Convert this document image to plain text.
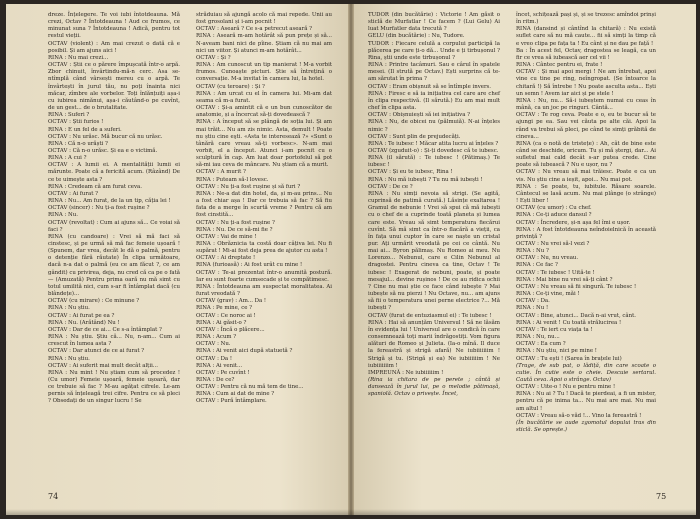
dreze. Înțelegere. Te voi iubi întotdeauna. Mă crezi, Octav ? Întotdeauna ! Aud ce frumos, ce minunat suna ? Întotdeauna ! Adică, pentru tot restul vieții.

OCTAV (violent) : Am mai crezut o dată că e posibil. Și am ajuns aici !

RINA : Nu mai crezi...

OCTAV : Știi ce o părere împușcată într-o arpă. Zbor chinuit, învârtindu-mă-n cerc. Asa se-ntîmplă când vârsești mereu cu o arpă. Te învârtești în jurul tău, nu poți înainta nici măcar, zîmbre ale vorbelor. Toți înlănțuiți așa-i cu iubirea nimănui, așa-i căutând-o pe cuvînt, de un gest... de o brutalitate.

RINA : Suferi ?

OCTAV : Știi furios !

RINA : E un fel de a suferi.

OCTAV : Nu urăsc. Mă bucur că nu urăsc.

RINA : Că n-o urăști ?

OCTAV : Că n-o urăsc. Și ea e o victimă.

RINA : A cui ?

OCTAV : A lumii ei. A mentalității lumii ei mărunte. Poate că a fericită acum. (Râzând) De ce te uimește asta ?

RINA : Credeam că am furat ceva.

OCTAV : Ai furat ?

RINA : Nu... Am furat, de la un tip, căția lei !

OCTAV (sincer) : Nu ți-a fost rușine ?

RINA : Nu.

OCTAV (revoltat) : Cum ai ajuns să... Ce voiai să faci ?

RINA (cu candoare) : Vrei să mă faci să cinstesc, și pe urmă să mă fac femeie ușoară ! (Spunem, dar vrea, decăt le dă o palmă, pentru o detenție fără răutate) În clipa următoare, dacă n-a dat o palmă (eu ce am făcut ?, ce am gândit) cu privirea, deja, nu cred că ca pe o fată — (Amuzată) Pentru prima oară nu mă simt cu totul umilită nici, cum s-ar fi întâmplat dacă (cu blândețe)...

OCTAV (cu mirare) : Ce minune ?

RINA : Nu știu.

OCTAV : Ai furat pe ea ?

RINA : Nu. (Arătând) Nu !

OCTAV : Dar de ce ai... Ce s-a întâmplat ?

RINA : Nu știu. Știu că... Nu, n-am... Cum ai crescut în lumea asta ?

OCTAV : Dar atunci de ce ai furat ?

RINA : Nu știu.

OCTAV : Ai suferit mai mult decât alții...

RINA : Nu mint ! Nu știam cum să procedez ! (Cu umor) Femeie ușoară, femeie ușoară, dar ce trebuie să fac ? M-au agățat cifrele. Le-am pernis să înțeleagă trei cifre. Pentru ce să pleci ? Obsedați de un singur lucru ! Se

străduiau să ajungă acolo că mai repede. Unii au fost grosolani și i-am pocnit !

OCTAV : Aseară ? Ce s-a petrecut aseară ?

RINA : Aseară m-am hotărât să pun prețe și să... N-aveam bani nici de pîine. Știam că nu mai am nici un viitor. Și atunci m-am hotărât...

OCTAV : Și ?

RINA : Am cunoscut un tip manierat ! M-a vorbit frumos. Cunoaște picturi. Știe să întrețină o conversație. M-a invitat în camera lui, la hotel.

OCTAV (cu teroare) : Și ?

RINA : Am urcat cu el în camera lui. Mi-am dat seama că m-a furat.

OCTAV : Și-a amintit că e un bun cunoscător de anatomie, și a încercat să-ți dovedească ?

RINA : A început să se plângă de soția lui. Și am mai trăit... Nu am zis nimic. Asta, demult ! Poate nu știu cine eşti. «Asta te interesează ?» «Sunt o tânără care vreau să-ți vorbesc». N-am mai vorbit, el a început. Atunci i-am pocnit cu o sculptură în cap. Am luat doar portofelul să pot să-mi iau ceva de mâncare. Nu știam că a murit.

OCTAV : A murit ?

RINA : Puteam să-l lovesc.

OCTAV : Nu ți-a fost rușine și să furi ?

RINA : Ne-a dat din hotel, da, și m-au prins... Nu a fost chiar așa ! Dar ce trebuia să fac ? Să fiu fata de a merge în scurtă vreme ? Pentru că am fost cinstită...

OCTAV : Nu ți-a fost rușine ?

RINA : Nu. De ce să-mi fie ?

OCTAV : Vai de mine !

RINA : Obrăznicia ta costă doar câțiva lei. Nu fi supărat ! Mi-ai fost deja prea de ajutor cu asta !

OCTAV : Ai dreptate !

RINA (furioasă) : Ai fost urât cu mine !

OCTAV : Te-ai prezentat într-o anumită postură. Iar eu sunt foarte cumsecade și te compătimesc.

RINA : Întotdeauna am suspectat moralitatea. Ai furat vreodată ?

OCTAV (grav) : Am... Da !

RINA : Pe mine, ce ?

OCTAV : Ce noroc ai !

RINA : Ai găsit-o ?

OCTAV : Încă o plăcere...

RINA : Acum ?

OCTAV : Nu.

RINA : Ai venit aici după statuetă ?

OCTAV : Da !

RINA : Ai venit...

OCTAV : Pe cuvînt !

RINA : De ce?

OCTAV : Pentru că nu mă tem de tine...

RINA : Cum ai dat de mine ?

OCTAV : Pură întâmplare.

74

TUDOR (din bucătărie) : Victorie ! Am găsit o sticlă de Murfatlar ! Ce facem ? (Lui Gelu) Ai luat Murfatler data trecută ?

GELU (din bucătărie) : Nu, Tudore.

TUDOR : Fiecare celulă a corpului participă la plăcerea pe care ți-o dă... Unde e ți tirbușonul ? Rina, știi unde este tirbușonul ?

RINA : Printre tacâmuri. Sau e cârul în spatele mesei. (Il strută pe Octav.) Ești surprins că te-am sărutat în prima ?

OCTAV : Eram obișnuit să se întîmple invers.

RINA : Firesc e să ia inițiativa cel care are chef în clipa respectivă. (Il sărută.) Eu am mai mult chef în clipa asta.

OCTAV : Obișnuiești să iei inițiativa ?

RINA : Nu, de obicei nu (pălmuiă). N-ai înțeles nimic ?

OCTAV : Sunt plin de prejudecăți.

RINA : Te iubesc ! Măcar atita lucru ai înțeles ?

OCTAV (zguduit-o) : Și-ți dovedesc că te iubesc.

RINA (il sărută) : Te iubesc ! (Pătimaș.) Te iubesc !

OCTAV : Și eu te iubesc, Rina !

RINA : Nu mă iubești ? Tu nu mă iubești !

OCTAV : De ce ?

RINA : Nu simți nevoia să strigi. (Se agită, cuprinsă de patimă curată.) Lăsințe exaltarea ! Gramul de nebunie ! Vrei să spui că mă iubești cu o chef de a cuprinde toată planeta și lumea care este. Vreau să simt temperatura fiecărui cuvînt. Să mă simt ca într-o flacără a vieții, ca în fața unui cuptor în care se naște un cristal pur. Ați urmărit vreodată pe cei ce cântă. Nu mai ai... Byron pălimaș. Nu Romeo ai meu. Nu Lorenzo... Nebunul, care e Cilin Nebunul al dragostei. Pentru cineva ca tine, Octav ! Te iubesc ! Exagerat de nebuni, poate, și poate mesajul... devine rușinos ! De ce au ridica ochii ? Cine nu mai știe ce face când iubește ? Mai iubește să nu pierzi ! Nu Octave, nu... am ajuns să fii o temperatura unei perne electrice ?... Mă iubești ?

OCTAV (furat de entuziasmul ei) : Te iubesc !

RINA : Hai să anunțăm Universul ! Să ne lăsăm în evidența lui ! Universul are o condică în care consemnează toți marii îndrăgostiți. Vom figura alături de Romeo și Julieta. (Ia-o mînă. Il duce la fereastră și strigă afară) Ne iubiiiiiiim ! Strigă și tu. (Strigă și ea) Ne iubiiiiiim ! Ne iubiiiiiiim !

IMPREUNĂ : Ne iubiiiiiim !

(Rina ia chitara de pe perete ; cântă și dansează în jurul lui, pe o melodie pătimașă, spaniolă. Octav o privește. Încet,

încet, schițează pași și, și se trezesc amîndoi prinși în ritm.)

RINA (dansind și cântînd la chitară) : Nu există suflet care să nu mă caute... fii să simți la timp că e vreo clipa pe fața ta ! Eu cânt și ne dau pe față !

Ba : În acest fel, Octav, dragostea se leagă, ca un fir ce vrea să iubească aer cel vii !

RINA : Cântec pentru ei, frate !

OCTAV : Și mai apoi mergi ! Ne am întrebat, apoi vine cu tine pe ring, neîngropat. (Se întoarce la chitară !) Să întrebe ! Nu poate asculta asta... Ești un semn ! Avem iar aici și pe stele !

RINA : Nu, nu... Să-i iubeștem numai cu ceas în mână, ca un joc pe ringuri. Cântă...

OCTAV : Te rog ceva. Poate e o, eu te bucur să te ajungi pe ea. Sau vei căuta pe alte căi. Apoi la rând va trebui să pleci, pe când te simți grăbită de cineva...

RINA (ca o notă de tristețe) : Ah, cât de bine este când se deschide, oricum. Tu și mă ștergi, dar... Ai sufletul mai cald decât s-ar putea crede. Cine poate să iubească ? Nu e ușor, nu ?

OCTAV : Nu vreau să mai trăiesc. Poate e ca un vis. Nu știu cine a ieșit, apoi... Nu mai pot.

RINA : Se poate, tu, iubitule. Răsare soarele. Cântecul se lasă acum. Nu mai plânge (o strânge) ! Ești liber !

OCTAV (cu umor) : Cu chef.

RINA : Ce-ți aduce dansul ?

OCTAV : Încredere, și-n așa fel îmi e ușor.

RINA : A fost întotdeauna neîndoielnică în această privință ?

OCTAV : Nu vrei să-l vezi ?

RINA : Nu ?

OCTAV : Nu, nu vreau.

RINA : Ce fac ?

OCTAV : Te iubesc ! Uită-te !

RINA : Mai bine nu vrei să-ți cânt ?

OCTAV : Nu vreau să fii singură. Te iubesc !

RINA : Ce-ți vine, măi !

OCTAV : Da.

RINA : Nu !

OCTAV : Bine, atunci... Dacă n-ai vrut, cânt.

RINA : Ai venit ! Cu toată strălucirea !

OCTAV : Te iert cu viața ta !

RINA : Nu, nu...

OCTAV : Ea cum ?

RINA : Nu știu, nici pe mine !

OCTAV : Tu ești ! (Sarea în brațele lui)

(Trage, de sub pat, o lădiță, din care scoate o cutie. În cutie este o cheie. Descuie sertarul. Caută ceva. Apoi o strânge. Octav)

OCTAV : Uite-o ! Nu e pentru mine !

RINA : Nu ai ? Tu ! Dacă te pierdeai, a fi un mister, pentru că pe inima ta... Nu mai are mai. Nu mai am altul !

OCTAV : Vreau să-o văd !... Vino la fereastră !

(În bucătărie se aude zgomotul dopului tras din sticlă. Se oprește.)

75
